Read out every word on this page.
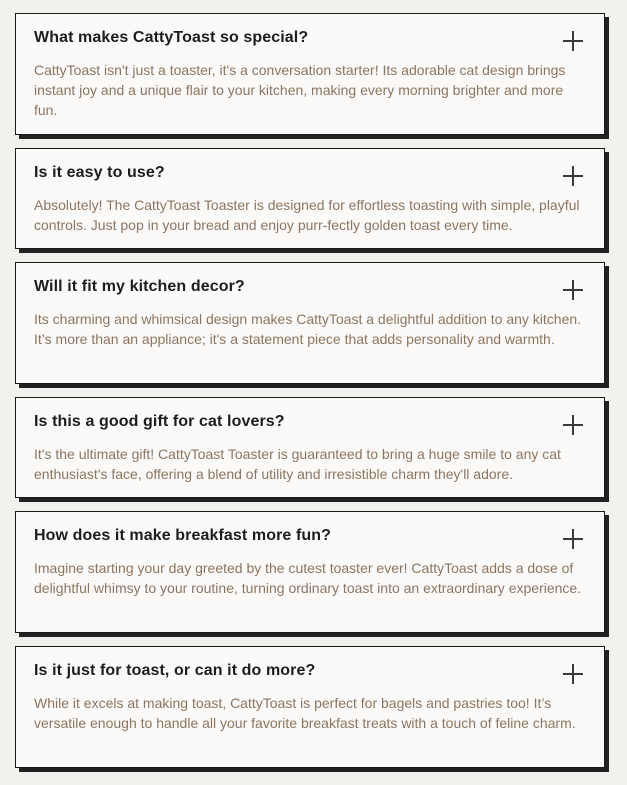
What makes CattyToast so special?
CattyToast isn't just a toaster, it's a conversation starter! Its adorable cat design brings instant joy and a unique flair to your kitchen, making every morning brighter and more fun.
Is it easy to use?
Absolutely! The CattyToast Toaster is designed for effortless toasting with simple, playful controls. Just pop in your bread and enjoy purr-fectly golden toast every time.
Will it fit my kitchen decor?
Its charming and whimsical design makes CattyToast a delightful addition to any kitchen. It’s more than an appliance; it's a statement piece that adds personality and warmth.
Is this a good gift for cat lovers?
It's the ultimate gift! CattyToast Toaster is guaranteed to bring a huge smile to any cat enthusiast's face, offering a blend of utility and irresistible charm they'll adore.
How does it make breakfast more fun?
Imagine starting your day greeted by the cutest toaster ever! CattyToast adds a dose of delightful whimsy to your routine, turning ordinary toast into an extraordinary experience.
Is it just for toast, or can it do more?
While it excels at making toast, CattyToast is perfect for bagels and pastries too! It’s versatile enough to handle all your favorite breakfast treats with a touch of feline charm.
